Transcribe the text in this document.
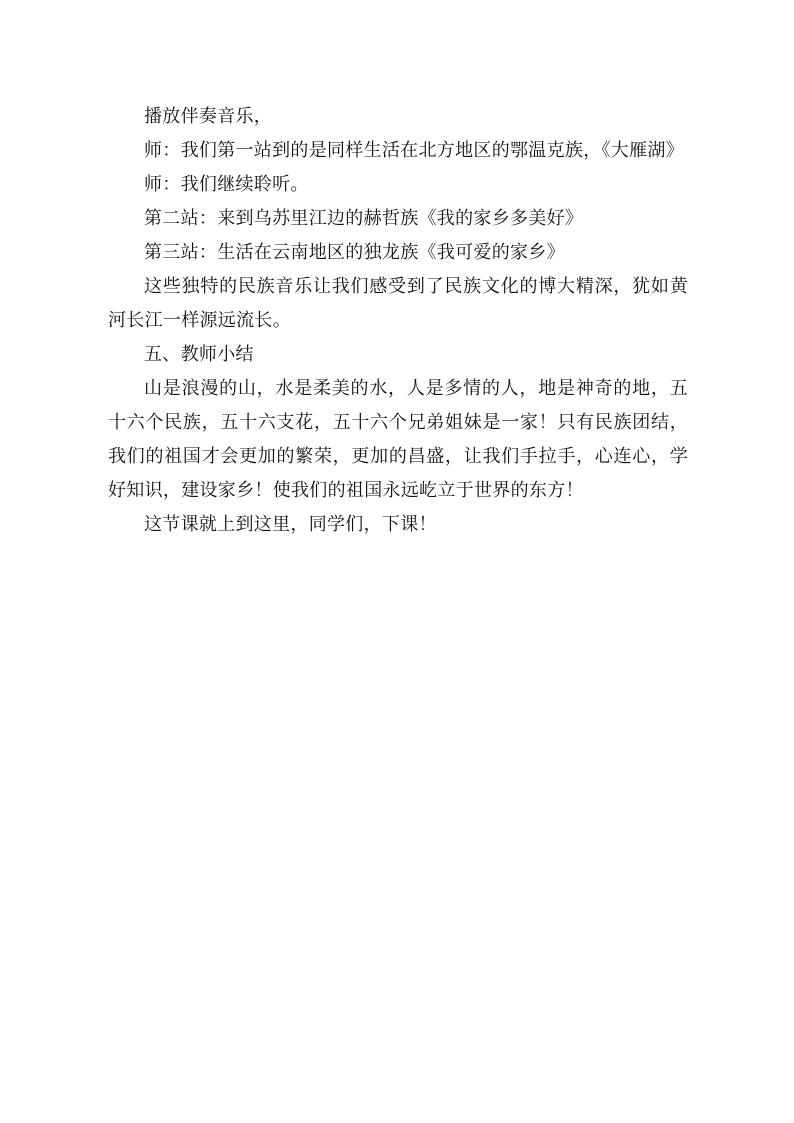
播放伴奏音乐，

师：我们第一站到的是同样生活在北方地区的鄂温克族，《大雁湖》

师：我们继续聆听。

第二站：来到乌苏里江边的赫哲族《我的家乡多美好》

第三站：生活在云南地区的独龙族《我可爱的家乡》

这些独特的民族音乐让我们感受到了民族文化的博大精深，犹如黄河长江一样源远流长。

五、教师小结

山是浪漫的山，水是柔美的水，人是多情的人，地是神奇的地，五十六个民族，五十六支花，五十六个兄弟姐妹是一家！只有民族团结，我们的祖国才会更加的繁荣，更加的昌盛，让我们手拉手，心连心，学好知识，建设家乡！使我们的祖国永远屹立于世界的东方！

这节课就上到这里，同学们，下课！
